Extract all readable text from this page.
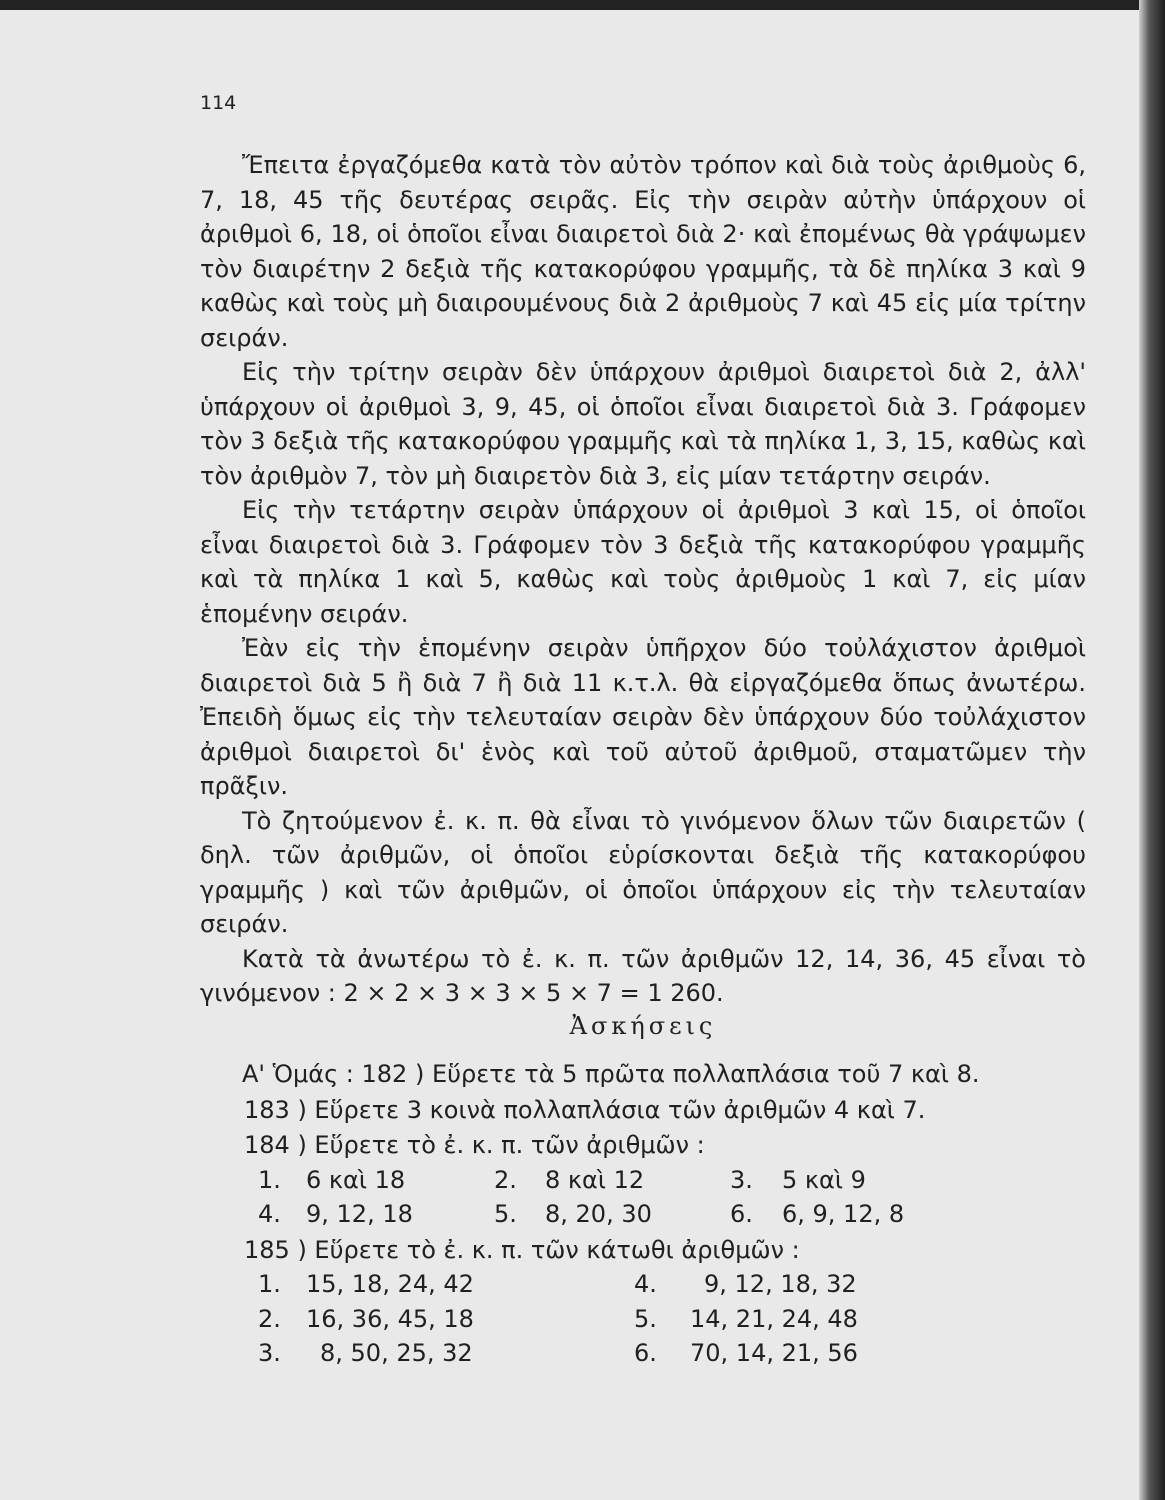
114

Ἔπειτα ἐργαζόμεθα κατὰ τὸν αὐτὸν τρόπον καὶ διὰ τοὺς ἀριθμοὺς 6, 7, 18, 45 τῆς δευτέρας σειρᾶς. Εἰς τὴν σειρὰν αὐτὴν ὑπάρχουν οἱ ἀριθμοὶ 6, 18, οἱ ὁποῖοι εἶναι διαιρετοὶ διὰ 2· καὶ ἐπομένως θὰ γράψωμεν τὸν διαιρέτην 2 δεξιὰ τῆς κατακορύφου γραμμῆς, τὰ δὲ πηλίκα 3 καὶ 9 καθὼς καὶ τοὺς μὴ διαιρουμένους διὰ 2 ἀριθμοὺς 7 καὶ 45 εἰς μία τρίτην σειράν.

Εἰς τὴν τρίτην σειρὰν δὲν ὑπάρχουν ἀριθμοὶ διαιρετοὶ διὰ 2, ἀλλ' ὑπάρχουν οἱ ἀριθμοὶ 3, 9, 45, οἱ ὁποῖοι εἶναι διαιρετοὶ διὰ 3. Γράφομεν τὸν 3 δεξιὰ τῆς κατακορύφου γραμμῆς καὶ τὰ πηλίκα 1, 3, 15, καθὼς καὶ τὸν ἀριθμὸν 7, τὸν μὴ διαιρετὸν διὰ 3, εἰς μίαν τετάρτην σειράν.

Εἰς τὴν τετάρτην σειρὰν ὑπάρχουν οἱ ἀριθμοὶ 3 καὶ 15, οἱ ὁποῖοι εἶναι διαιρετοὶ διὰ 3. Γράφομεν τὸν 3 δεξιὰ τῆς κατακορύφου γραμμῆς καὶ τὰ πηλίκα 1 καὶ 5, καθὼς καὶ τοὺς ἀριθμοὺς 1 καὶ 7, εἰς μίαν ἑπομένην σειράν.

Ἐὰν εἰς τὴν ἑπομένην σειρὰν ὑπῆρχον δύο τοὐλάχιστον ἀριθμοὶ διαιρετοὶ διὰ 5 ἢ διὰ 7 ἢ διὰ 11 κ.τ.λ. θὰ εἰργαζόμεθα ὅπως ἀνωτέρω. Ἐπειδὴ ὅμως εἰς τὴν τελευταίαν σειρὰν δὲν ὑπάρχουν δύο τοὐλάχιστον ἀριθμοὶ διαιρετοὶ δι' ἑνὸς καὶ τοῦ αὐτοῦ ἀριθμοῦ, σταματῶμεν τὴν πρᾶξιν.

Τὸ ζητούμενον ἐ. κ. π. θὰ εἶναι τὸ γινόμενον ὅλων τῶν διαιρετῶν ( δηλ. τῶν ἀριθμῶν, οἱ ὁποῖοι εὑρίσκονται δεξιὰ τῆς κατακορύφου γραμμῆς ) καὶ τῶν ἀριθμῶν, οἱ ὁποῖοι ὑπάρχουν εἰς τὴν τελευταίαν σειράν.

Κατὰ τὰ ἀνωτέρω τὸ ἐ. κ. π. τῶν ἀριθμῶν 12, 14, 36, 45 εἶναι τὸ γινόμενον : 2 × 2 × 3 × 3 × 5 × 7 = 1 260.

Ἀσκήσεις
Α' Ὁμάς : 182 ) Εὕρετε τὰ 5 πρῶτα πολλαπλάσια τοῦ 7 καὶ 8.
183 ) Εὕρετε 3 κοινὰ πολλαπλάσια τῶν ἀριθμῶν 4 καὶ 7.
184 ) Εὕρετε τὸ ἐ. κ. π. τῶν ἀριθμῶν :
1. 6 καὶ 18	2. 8 καὶ 12	3. 5 καὶ 9
4. 9, 12, 18	5. 8, 20, 30	6. 6, 9, 12, 8
185 ) Εὕρετε τὸ ἐ. κ. π. τῶν κάτωθι ἀριθμῶν :
1. 15, 18, 24, 42	4. 9, 12, 18, 32
2. 16, 36, 45, 18	5. 14, 21, 24, 48
3. 8, 50, 25, 32	6. 70, 14, 21, 56
